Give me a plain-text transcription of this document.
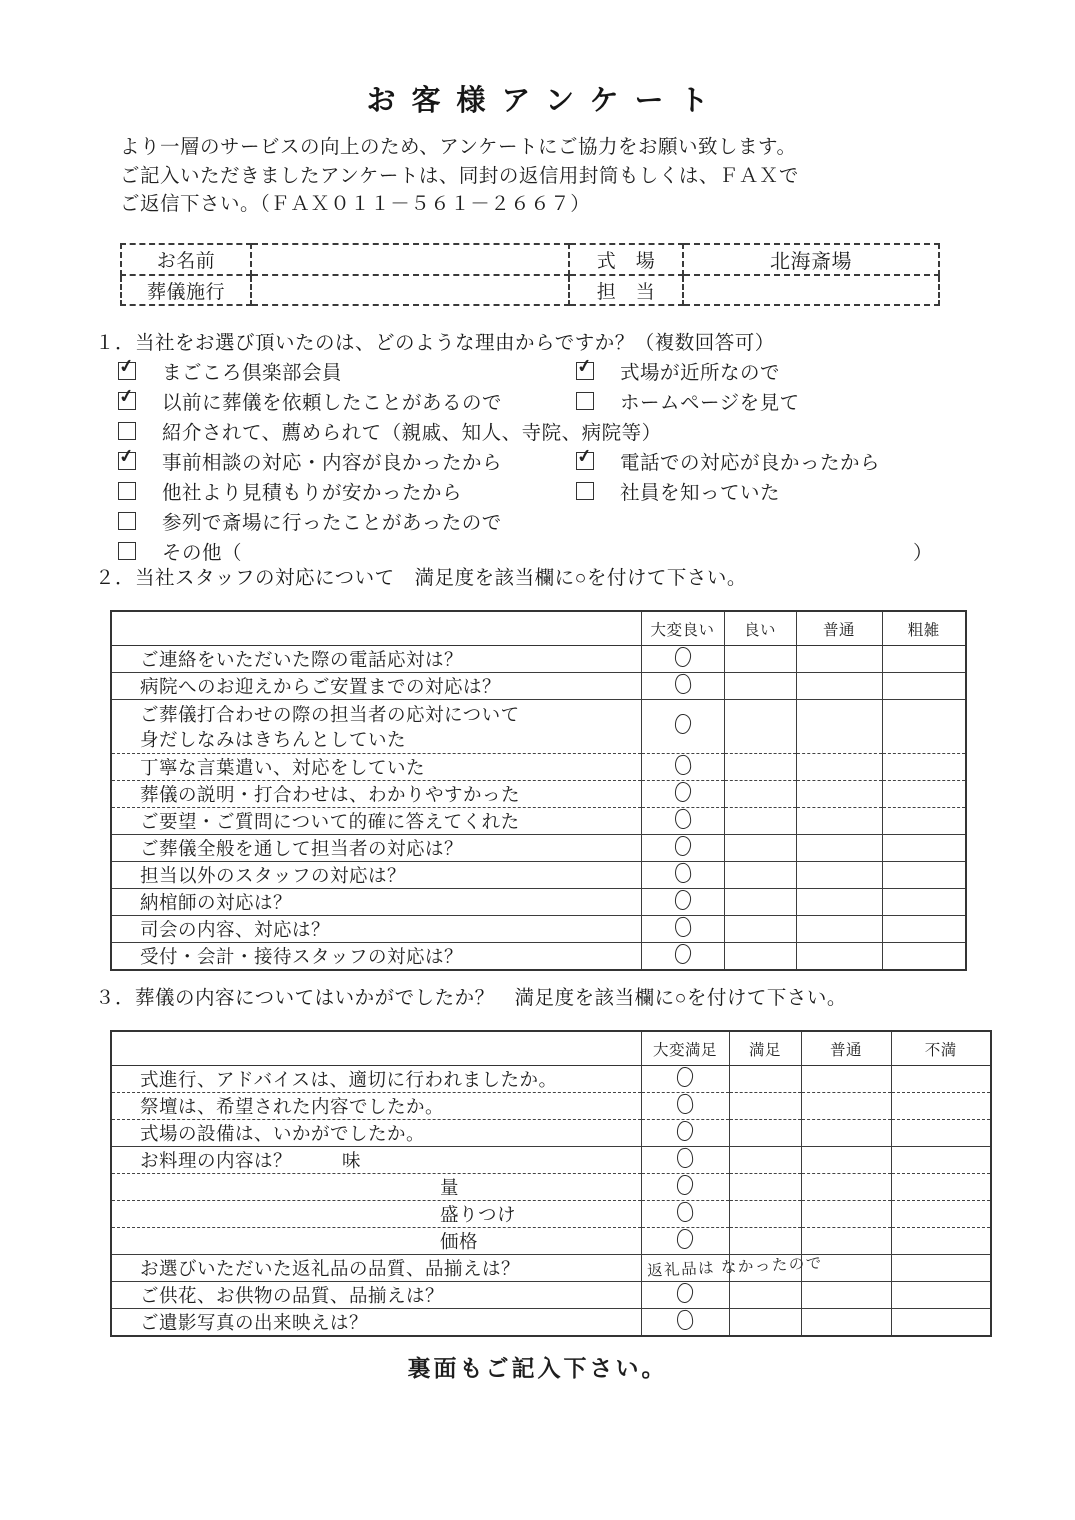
お客様アンケート
より一層のサービスの向上のため、アンケートにご協力をお願い致します。
ご記入いただきましたアンケートは、同封の返信用封筒もしくは、ＦＡＸで
ご返信下さい。（ＦＡＸ０１１－５６１－２６６７）
お名前		式　場	北海斎場
葬儀施行		担　当	
１．当社をお選び頂いたのは、どのような理由からですか？（複数回答可）
✓ まごころ倶楽部会員	✓ 式場が近所なので
✓ 以前に葬儀を依頼したことがあるので	ホームページを見て
紹介されて、薦められて（親戚、知人、寺院、病院等）
✓ 事前相談の対応・内容が良かったから	✓ 電話での対応が良かったから
他社より見積もりが安かったから	社員を知っていた
参列で斎場に行ったことがあったので
その他（	）
２．当社スタッフの対応について　満足度を該当欄に○を付けて下さい。
	大変良い	良い	普通	粗雑
ご連絡をいただいた際の電話応対は？				
病院へのお迎えからご安置までの対応は？				
ご葬儀打合わせの際の担当者の応対について
身だしなみはきちんとしていた				
丁寧な言葉遣い、対応をしていた				
葬儀の説明・打合わせは、わかりやすかった				
ご要望・ご質問について的確に答えてくれた				
ご葬儀全般を通して担当者の対応は？				
担当以外のスタッフの対応は？				
納棺師の対応は？				
司会の内容、対応は？				
受付・会計・接待スタッフの対応は？				
３．葬儀の内容についてはいかがでしたか？　満足度を該当欄に○を付けて下さい。
	大変満足	満足	普通	不満
式進行、アドバイスは、適切に行われましたか。				
祭壇は、希望された内容でしたか。				
式場の設備は、いかがでしたか。				
お料理の内容は？ 味				
量				
盛りつけ				
価格				
お選びいただいた返礼品の品質、品揃えは？	返礼品は なかったので			

ご供花、お供物の品質、品揃えは？				
ご遺影写真の出来映えは？				
裏面もご記入下さい。
